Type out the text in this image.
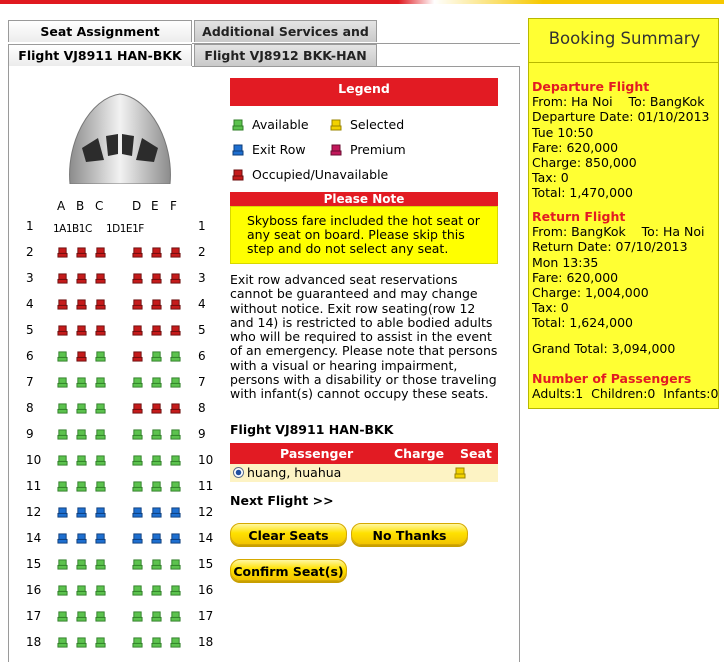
Seat Assignment	Additional Services and
Flight VJ8911 HAN-BKK	Flight VJ8912 BKK-HAN
A B C D E F
1	1
2	2
3	3
4	4
5	5
6	6
7	7
8	8
9	9
10	10
11	11
12	12
14	14
15	15
16	16
17	17
18	18
1A1B1C 1D1E1F
Legend
Available	Selected
Exit Row	Premium
Occupied/Unavailable
Please Note
Skyboss fare included the hot seat or any seat on board. Please skip this step and do not select any seat.
Exit row advanced seat reservations cannot be guaranteed and may change without notice. Exit row seating(row 12 and 14) is restricted to able bodied adults who will be required to assist in the event of an emergency. Please note that persons with a visual or hearing impairment, persons with a disability or those traveling with infant(s) cannot occupy these seats.
Flight VJ8911 HAN-BKK
Passenger	Charge Seat
huang, huahua
Next Flight >>
Clear Seats	No Thanks
Confirm Seat(s)
Booking Summary
Departure Flight
From: Ha Noi    To: BangKok
Departure Date: 01/10/2013
Tue 10:50
Fare: 620,000
Charge: 850,000
Tax: 0
Total: 1,470,000
Return Flight
From: BangKok    To: Ha Noi
Return Date: 07/10/2013
Mon 13:35
Fare: 620,000
Charge: 1,004,000
Tax: 0
Total: 1,624,000
Grand Total: 3,094,000
Number of Passengers
Adults:1  Children:0  Infants:0
